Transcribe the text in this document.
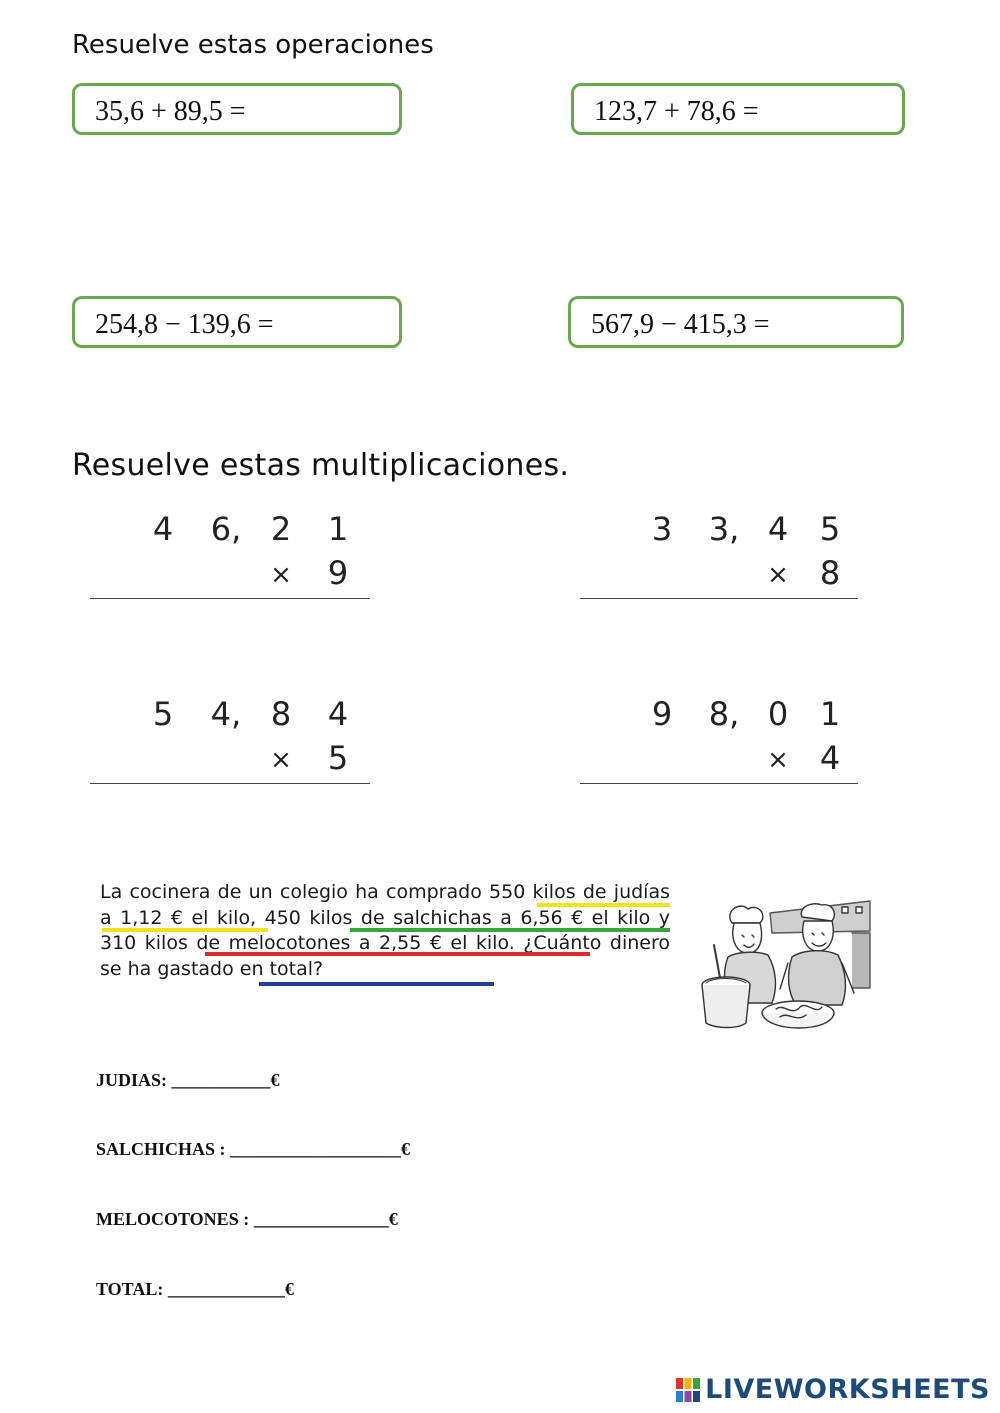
Resuelve estas operaciones
35,6 + 89,5 =	123,7 + 78,6 =
254,8 − 139,6 =	567,9 − 415,3 =
Resuelve estas multiplicaciones.
4 6, 2 1
× 9
3 3, 4 5
× 8
5 4, 8 4
× 5
9 8, 0 1
× 4
La cocinera de un colegio ha comprado 550 kilos de judías a 1,12 € el kilo, 450 kilos de salchichas a 6,56 € el kilo y 310 kilos de melocotones a 2,55 € el kilo. ¿Cuánto dinero se ha gastado en total?
JUDIAS: ___________€
SALCHICHAS : ___________________€
MELOCOTONES : _______________€
TOTAL: _____________€
LIVEWORKSHEETS
